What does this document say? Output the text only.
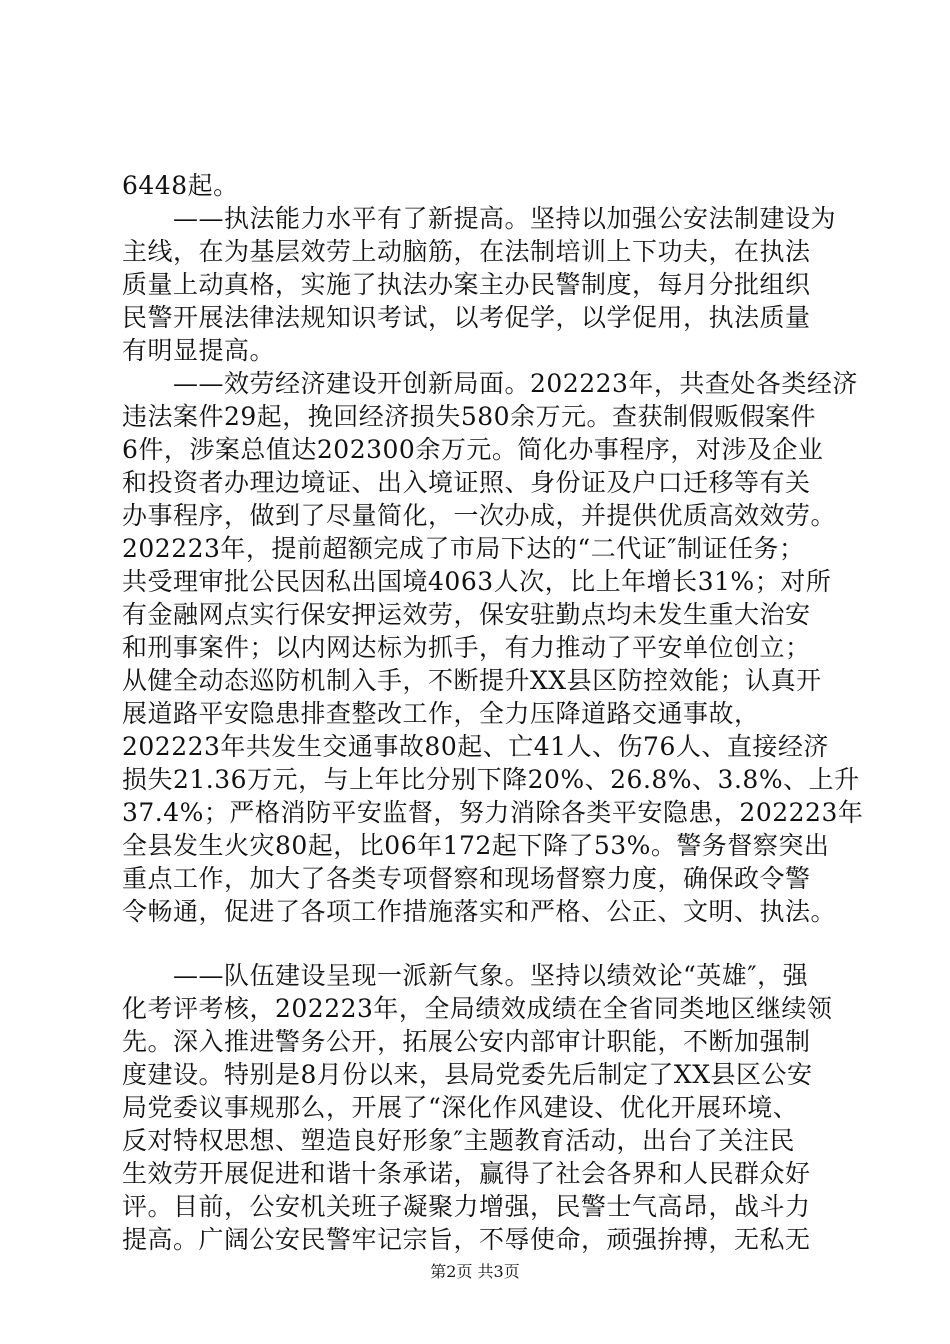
6448起。
　　——执法能力水平有了新提高。坚持以加强公安法制建设为
主线，在为基层效劳上动脑筋，在法制培训上下功夫，在执法
质量上动真格，实施了执法办案主办民警制度，每月分批组织
民警开展法律法规知识考试，以考促学，以学促用，执法质量
有明显提高。
　　——效劳经济建设开创新局面。202223年，共查处各类经济
违法案件29起，挽回经济损失580余万元。查获制假贩假案件
6件，涉案总值达202300余万元。简化办事程序，对涉及企业
和投资者办理边境证、出入境证照、身份证及户口迁移等有关
办事程序，做到了尽量简化，一次办成，并提供优质高效效劳。
202223年，提前超额完成了市局下达的“二代证″制证任务；
共受理审批公民因私出国境4063人次，比上年增长31%；对所
有金融网点实行保安押运效劳，保安驻勤点均未发生重大治安
和刑事案件；以内网达标为抓手，有力推动了平安单位创立；
从健全动态巡防机制入手，不断提升XX县区防控效能；认真开
展道路平安隐患排查整改工作，全力压降道路交通事故，
202223年共发生交通事故80起、亡41人、伤76人、直接经济
损失21.36万元，与上年比分别下降20%、26.8%、3.8%、上升
37.4%；严格消防平安监督，努力消除各类平安隐患，202223年
全县发生火灾80起，比06年172起下降了53%。警务督察突出
重点工作，加大了各类专项督察和现场督察力度，确保政令警
令畅通，促进了各项工作措施落实和严格、公正、文明、执法。
　　——队伍建设呈现一派新气象。坚持以绩效论“英雄″，强
化考评考核，202223年，全局绩效成绩在全省同类地区继续领
先。深入推进警务公开，拓展公安内部审计职能，不断加强制
度建设。特别是8月份以来，县局党委先后制定了XX县区公安
局党委议事规那么，开展了“深化作风建设、优化开展环境、
反对特权思想、塑造良好形象″主题教育活动，出台了关注民
生效劳开展促进和谐十条承诺，赢得了社会各界和人民群众好
评。目前，公安机关班子凝聚力增强，民警士气高昂，战斗力
提高。广阔公安民警牢记宗旨，不辱使命，顽强拚搏，无私无
第2页 共3页
